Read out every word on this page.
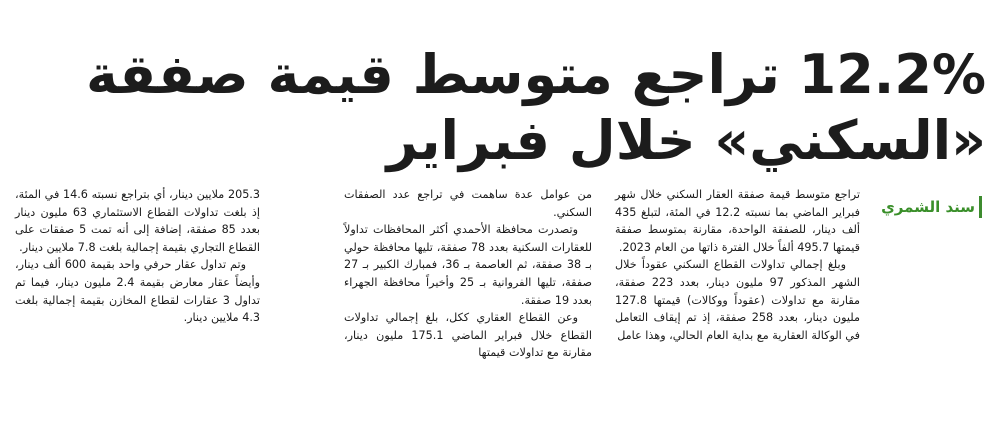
12.2% تراجع متوسط قيمة صفقة
«السكني» خلال فبراير
سند الشمري

تراجع متوسط قيمة صفقة العقار السكني خلال شهر فبراير الماضي بما نسبته 12.2 في المئة، لتبلغ 435 ألف دينار، للصفقة الواحدة، مقارنة بمتوسط صفقة قيمتها 495.7 ألفاً خلال الفترة ذاتها من العام 2023.

وبلغ إجمالي تداولات القطاع السكني عقوداً خلال الشهر المذكور 97 مليون دينار، بعدد 223 صفقة، مقارنة مع تداولات (عقوداً ووكالات) قيمتها 127.8 مليون دينار، بعدد 258 صفقة، إذ تم إيقاف التعامل في الوكالة العقارية مع بداية العام الحالي، وهذا عامل

من عوامل عدة ساهمت في تراجع عدد الصفقات السكني.

وتصدرت محافظة الأحمدي أكثر المحافظات تداولاً للعقارات السكنية بعدد 78 صفقة، تليها محافظة حولي بـ 38 صفقة، ثم العاصمة بـ 36، فمبارك الكبير بـ 27 صفقة، تليها الفروانية بـ 25 وأخيراً محافظة الجهراء بعدد 19 صفقة.

وعن القطاع العقاري ككل، بلغ إجمالي تداولات القطاع خلال فبراير الماضي 175.1 مليون دينار، مقارنة مع تداولات قيمتها

205.3 ملايين دينار، أي بتراجع نسبته 14.6 في المئة، إذ بلغت تداولات القطاع الاستثماري 63 مليون دينار بعدد 85 صفقة، إضافة إلى أنه تمت 5 صفقات على القطاع التجاري بقيمة إجمالية بلغت 7.8 ملايين دينار.

وتم تداول عقار حرفي واحد بقيمة 600 ألف دينار، وأيضاً عقار معارض بقيمة 2.4 مليون دينار، فيما تم تداول 3 عقارات لقطاع المخازن بقيمة إجمالية بلغت 4.3 ملايين دينار.
